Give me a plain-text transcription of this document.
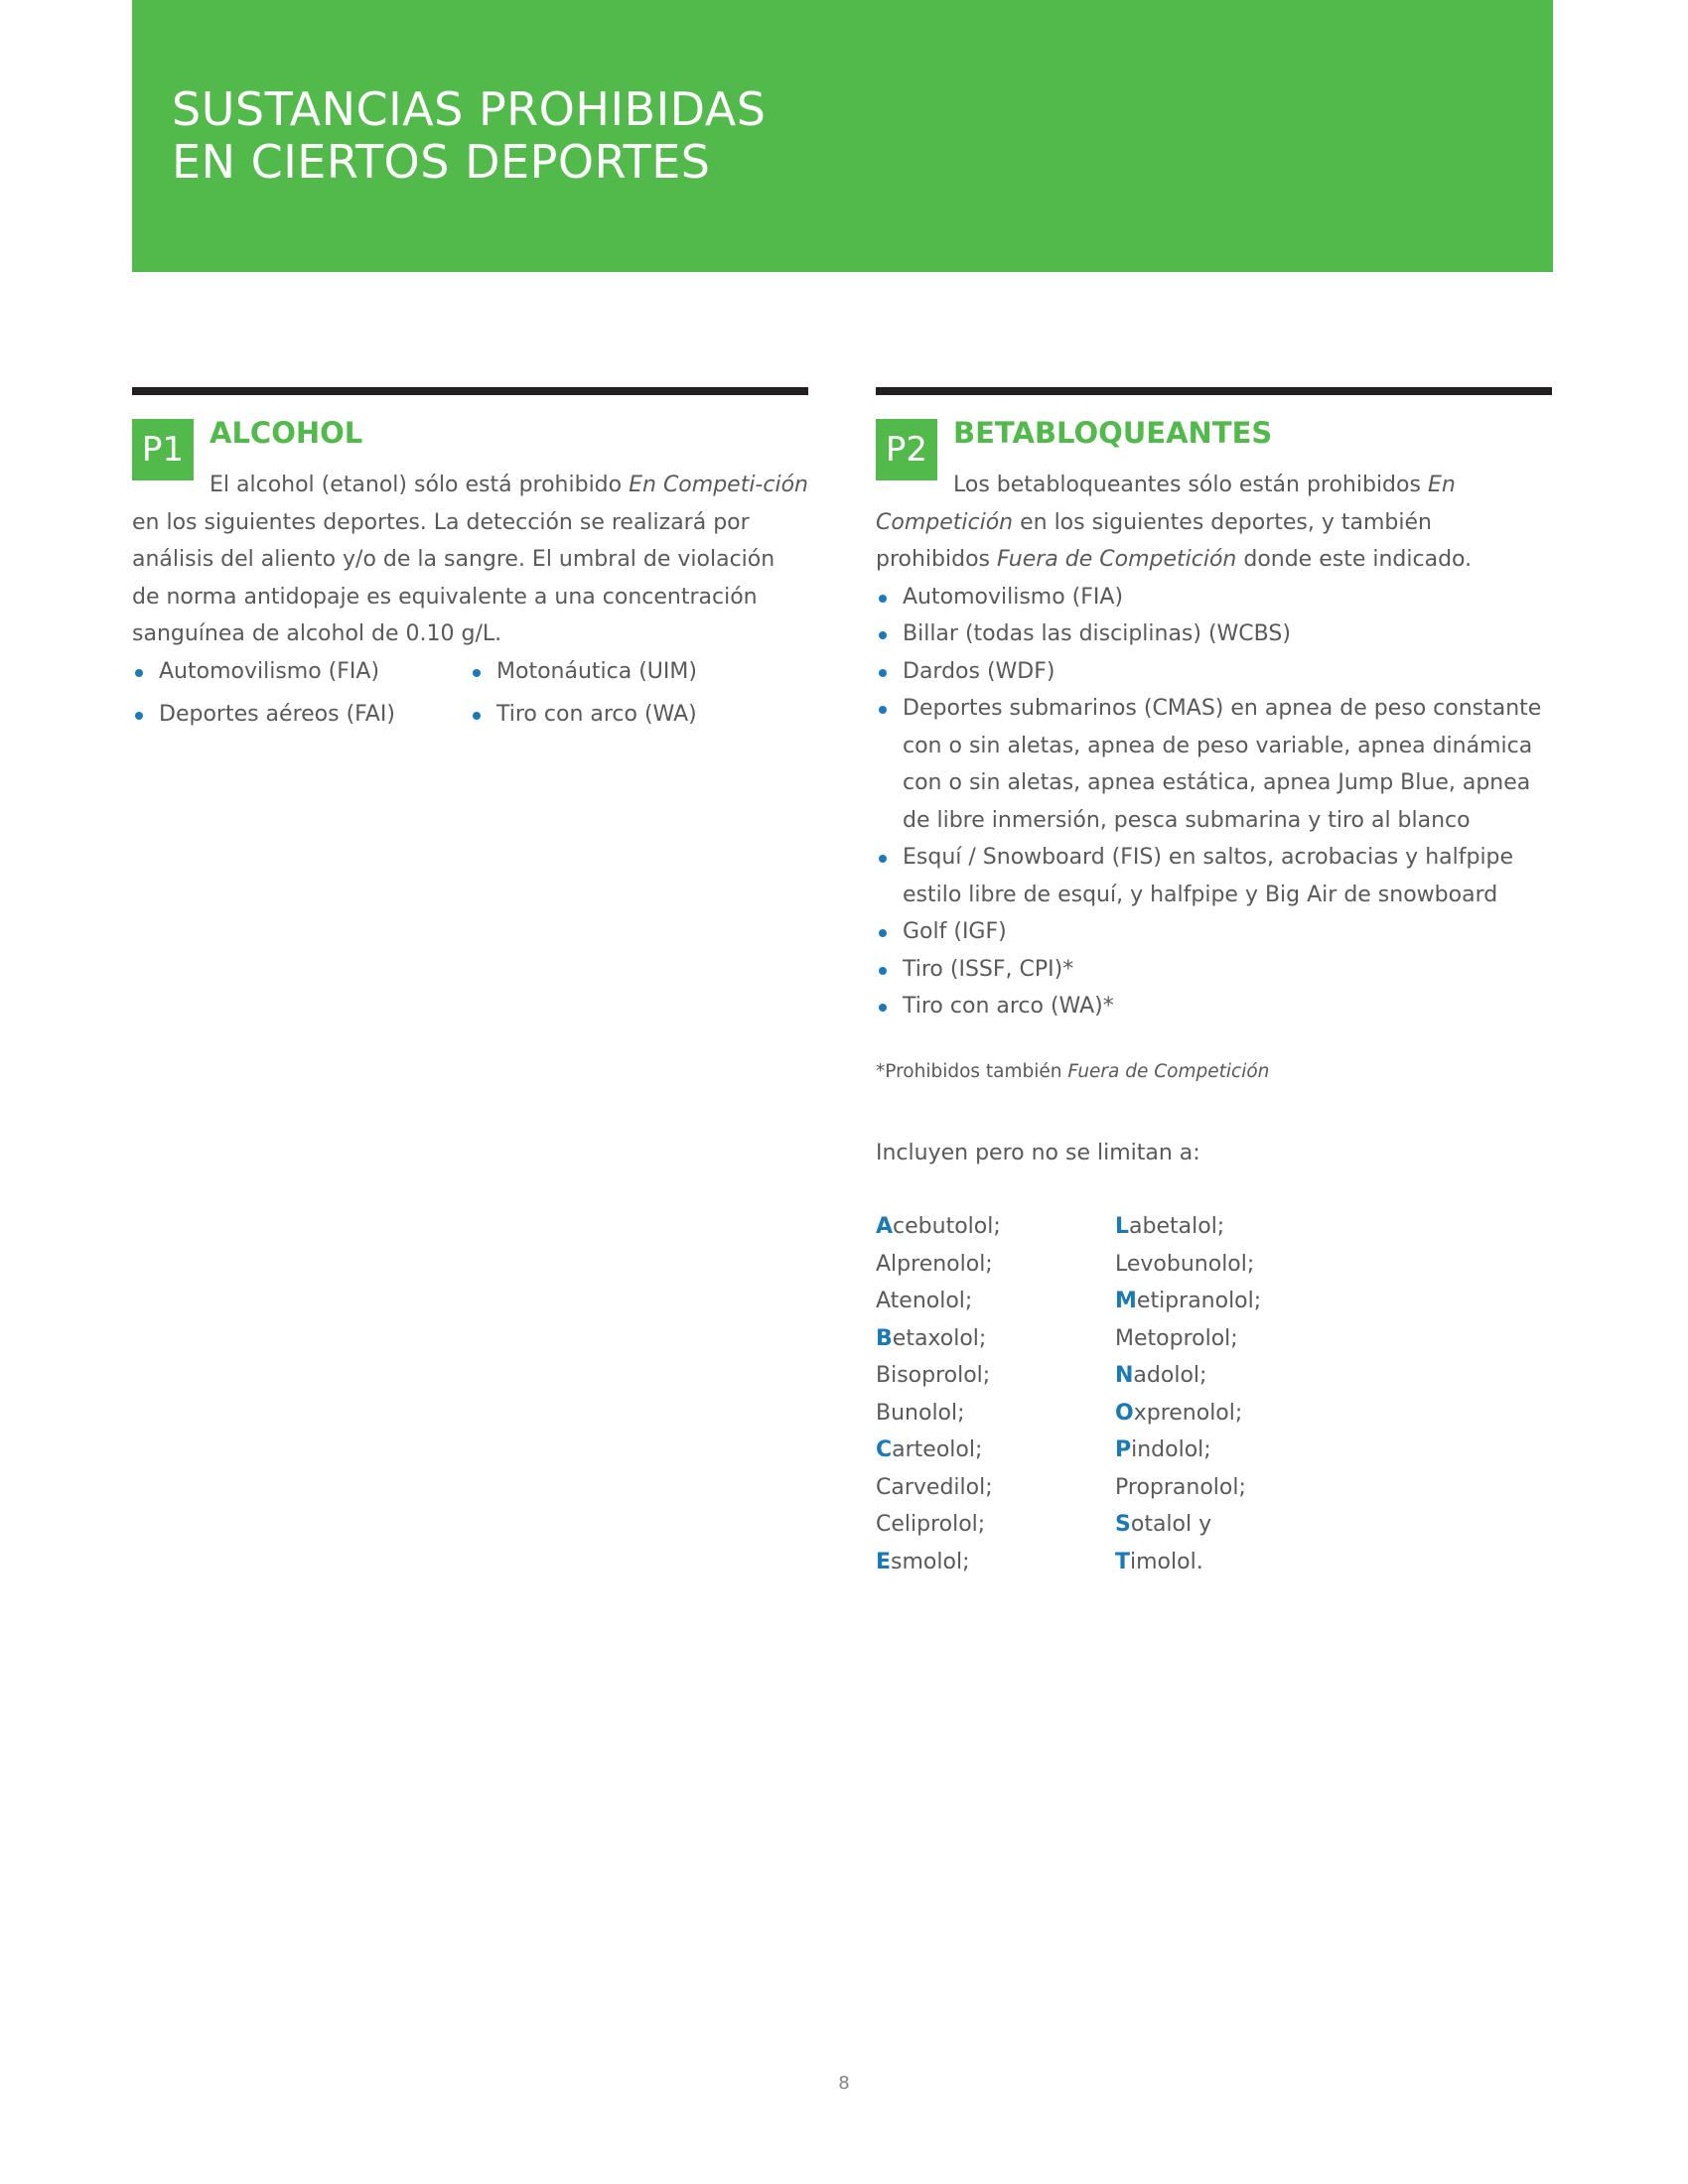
SUSTANCIAS PROHIBIDAS
EN CIERTOS DEPORTES
P1 ALCOHOL

El alcohol (etanol) sólo está prohibido En Competi-ción en los siguientes deportes. La detección se realizará por análisis del aliento y/o de la sangre. El umbral de violación de norma antidopaje es equivalente a una concentración sanguínea de alcohol de 0.10 g/L.

Automovilismo (FIA)	Motonáutica (UIM)
Deportes aéreos (FAI)	Tiro con arco (WA)
P2 BETABLOQUEANTES

Los betabloqueantes sólo están prohibidos En Competición en los siguientes deportes, y también prohibidos Fuera de Competición donde este indicado.

Automovilismo (FIA)
Billar (todas las disciplinas) (WCBS)
Dardos (WDF)
Deportes submarinos (CMAS) en apnea de peso constante con o sin aletas, apnea de peso variable, apnea dinámica con o sin aletas, apnea estática, apnea Jump Blue, apnea de libre inmersión, pesca submarina y tiro al blanco
Esquí / Snowboard (FIS) en saltos, acrobacias y halfpipe estilo libre de esquí, y halfpipe y Big Air de snowboard
Golf (IGF)
Tiro (ISSF, CPI)*
Tiro con arco (WA)*

*Prohibidos también Fuera de Competición

Incluyen pero no se limitan a:

Acebutolol;
Alprenolol;
Atenolol;
Betaxolol;
Bisoprolol;
Bunolol;
Carteolol;
Carvedilol;
Celiprolol;
Esmolol;
Labetalol;
Levobunolol;
Metipranolol;
Metoprolol;
Nadolol;
Oxprenolol;
Pindolol;
Propranolol;
Sotalol y
Timolol.
8
